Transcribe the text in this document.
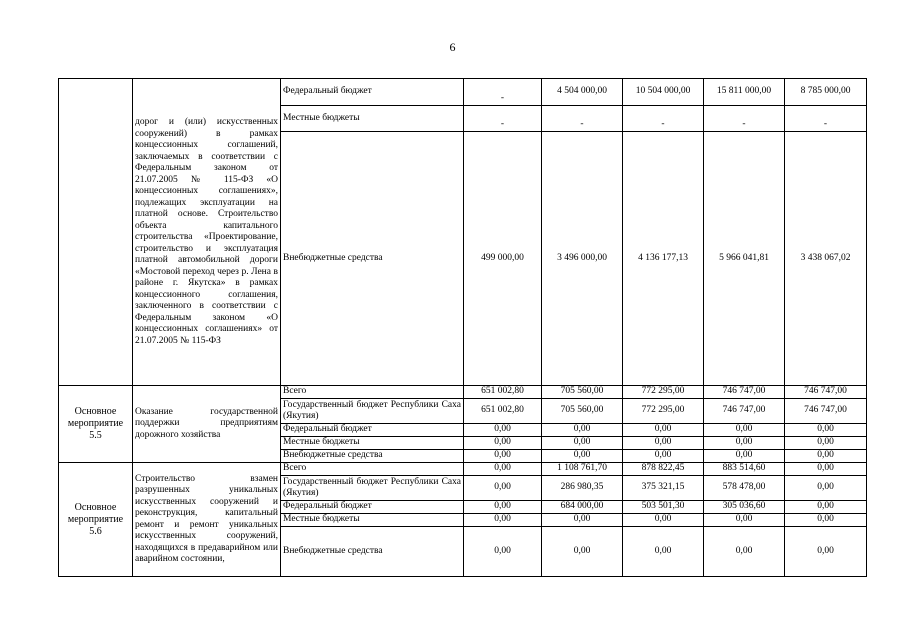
6
	дорог и (или) искусственных сооружений) в рамках концессионных соглашений, заключаемых в соответствии с Федеральным законом от 21.07.2005 № 115-ФЗ «О концессионных соглашениях», подлежащих эксплуатации на платной основе. Строительство объекта капитального строительства «Проектирование, строительство и эксплуатация платной автомобильной дороги «Мостовой переход через р. Лена в районе г. Якутска» в рамках концессионного соглашения, заключенного в соответствии с Федеральным законом «О концессионных соглашениях» от 21.07.2005 № 115-ФЗ	Федеральный бюджет	-	4 504 000,00	10 504 000,00	15 811 000,00	8 785 000,00
		Местные бюджеты	-	-	-	-	-
		Внебюджетные средства	499 000,00	3 496 000,00	4 136 177,13	5 966 041,81	3 438 067,02
Основное мероприятие 5.5	Оказание государственной поддержки предприятиям дорожного хозяйства	Всего	651 002,80	705 560,00	772 295,00	746 747,00	746 747,00
		Государственный бюджет Республики Саха (Якутия)	651 002,80	705 560,00	772 295,00	746 747,00	746 747,00
		Федеральный бюджет	0,00	0,00	0,00	0,00	0,00
		Местные бюджеты	0,00	0,00	0,00	0,00	0,00
		Внебюджетные средства	0,00	0,00	0,00	0,00	0,00
Основное мероприятие 5.6	Строительство взамен разрушенных уникальных искусственных сооружений и реконструкция, капитальный ремонт и ремонт уникальных искусственных сооружений, находящихся в предаварийном или аварийном состоянии,	Всего	0,00	1 108 761,70	878 822,45	883 514,60	0,00
		Государственный бюджет Республики Саха (Якутия)	0,00	286 980,35	375 321,15	578 478,00	0,00
		Федеральный бюджет	0,00	684 000,00	503 501,30	305 036,60	0,00
		Местные бюджеты	0,00	0,00	0,00	0,00	0,00
		Внебюджетные средства	0,00	0,00	0,00	0,00	0,00
